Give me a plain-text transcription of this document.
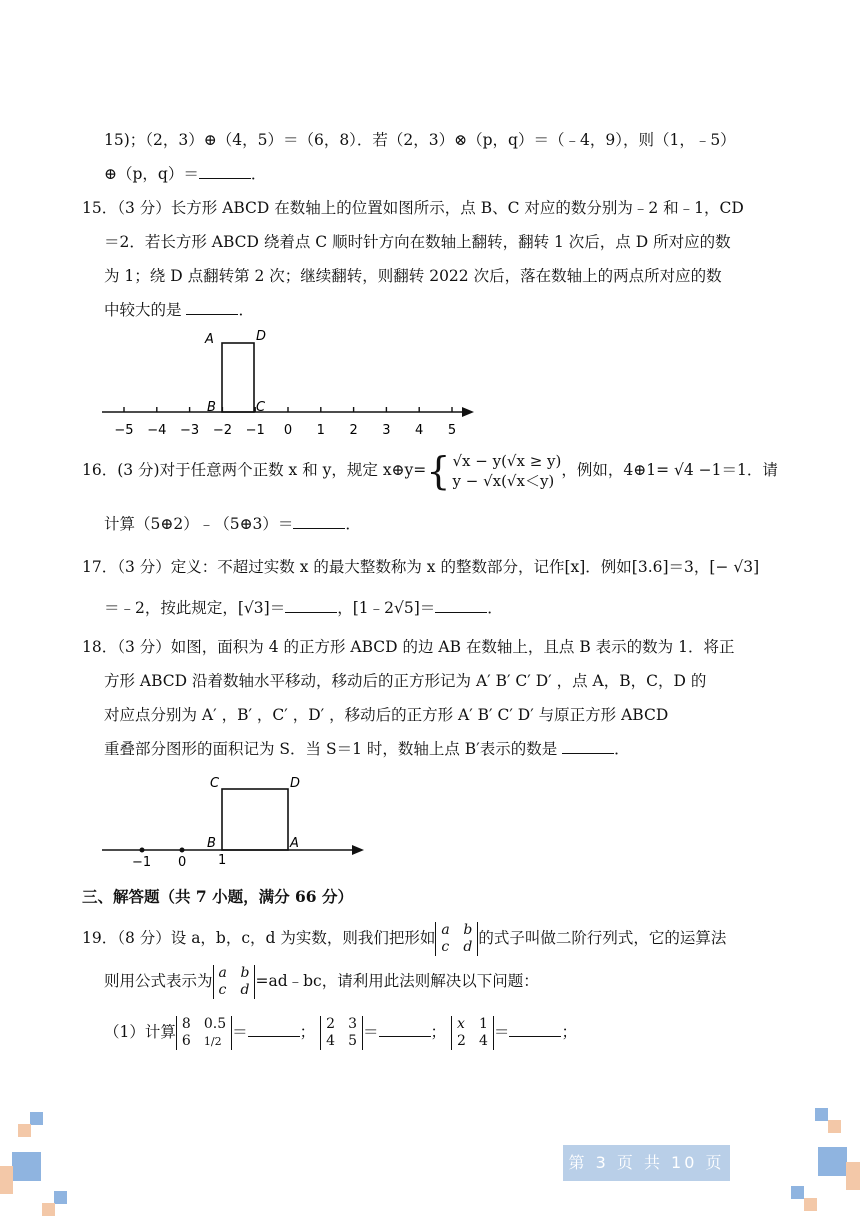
15)；（2，3）⊕（4，5）＝（6，8）．若（2，3）⊗（p，q）＝（﹣4，9），则（1，﹣5）
⊕（p，q）＝	．
15．（3 分）长方形 ABCD 在数轴上的位置如图所示，点 B、C 对应的数分别为﹣2 和﹣1，CD
＝2．若长方形 ABCD 绕着点 C 顺时针方向在数轴上翻转，翻转 1 次后，点 D 所对应的数
为 1；绕 D 点翻转第 2 次；继续翻转，则翻转 2022 次后，落在数轴上的两点所对应的数
中较大的是	．
−5 −4 −3 −2 −1 0 1 2 3 4 5
A	D
B	C
16．(3 分)对于任意两个正数 x 和 y，规定 x⊕y={ √x − y(√x ≥ y)
y − √x(√x＜y)
，例如，4⊕1= √4 −1＝1．请
计算（5⊕2）﹣（5⊕3）＝	．
17．（3 分）定义：不超过实数 x 的最大整数称为 x 的整数部分，记作[x]．例如[3.6]＝3，[− √3]
＝﹣2，按此规定，[√3]＝	，[1﹣2√5]＝	．
18．（3 分）如图，面积为 4 的正方形 ABCD 的边 AB 在数轴上，且点 B 表示的数为 1．将正
方形 ABCD 沿着数轴水平移动，移动后的正方形记为 A′ B′ C′ D′ ，点 A，B，C，D 的
对应点分别为 A′ ，B′ ，C′ ，D′ ，移动后的正方形 A′ B′ C′ D′ 与原正方形 ABCD
重叠部分图形的面积记为 S．当 S＝1 时，数轴上点 B′表示的数是	．
−1 0 1
C	D
B	A
三、解答题（共 7 小题，满分 66 分）
19．（8 分）设 a，b，c，d 为实数，则我们把形如 a b
c d 的式子叫做二阶行列式，它的运算法
则用公式表示为 a b
c d =ad﹣bc，请利用此法则解决以下问题：
（1）计算 8 0.5
6 1/2
＝	； 2 3
4 5 ＝	； x 1
2 4 ＝	；
第 3 页 共 10 页
